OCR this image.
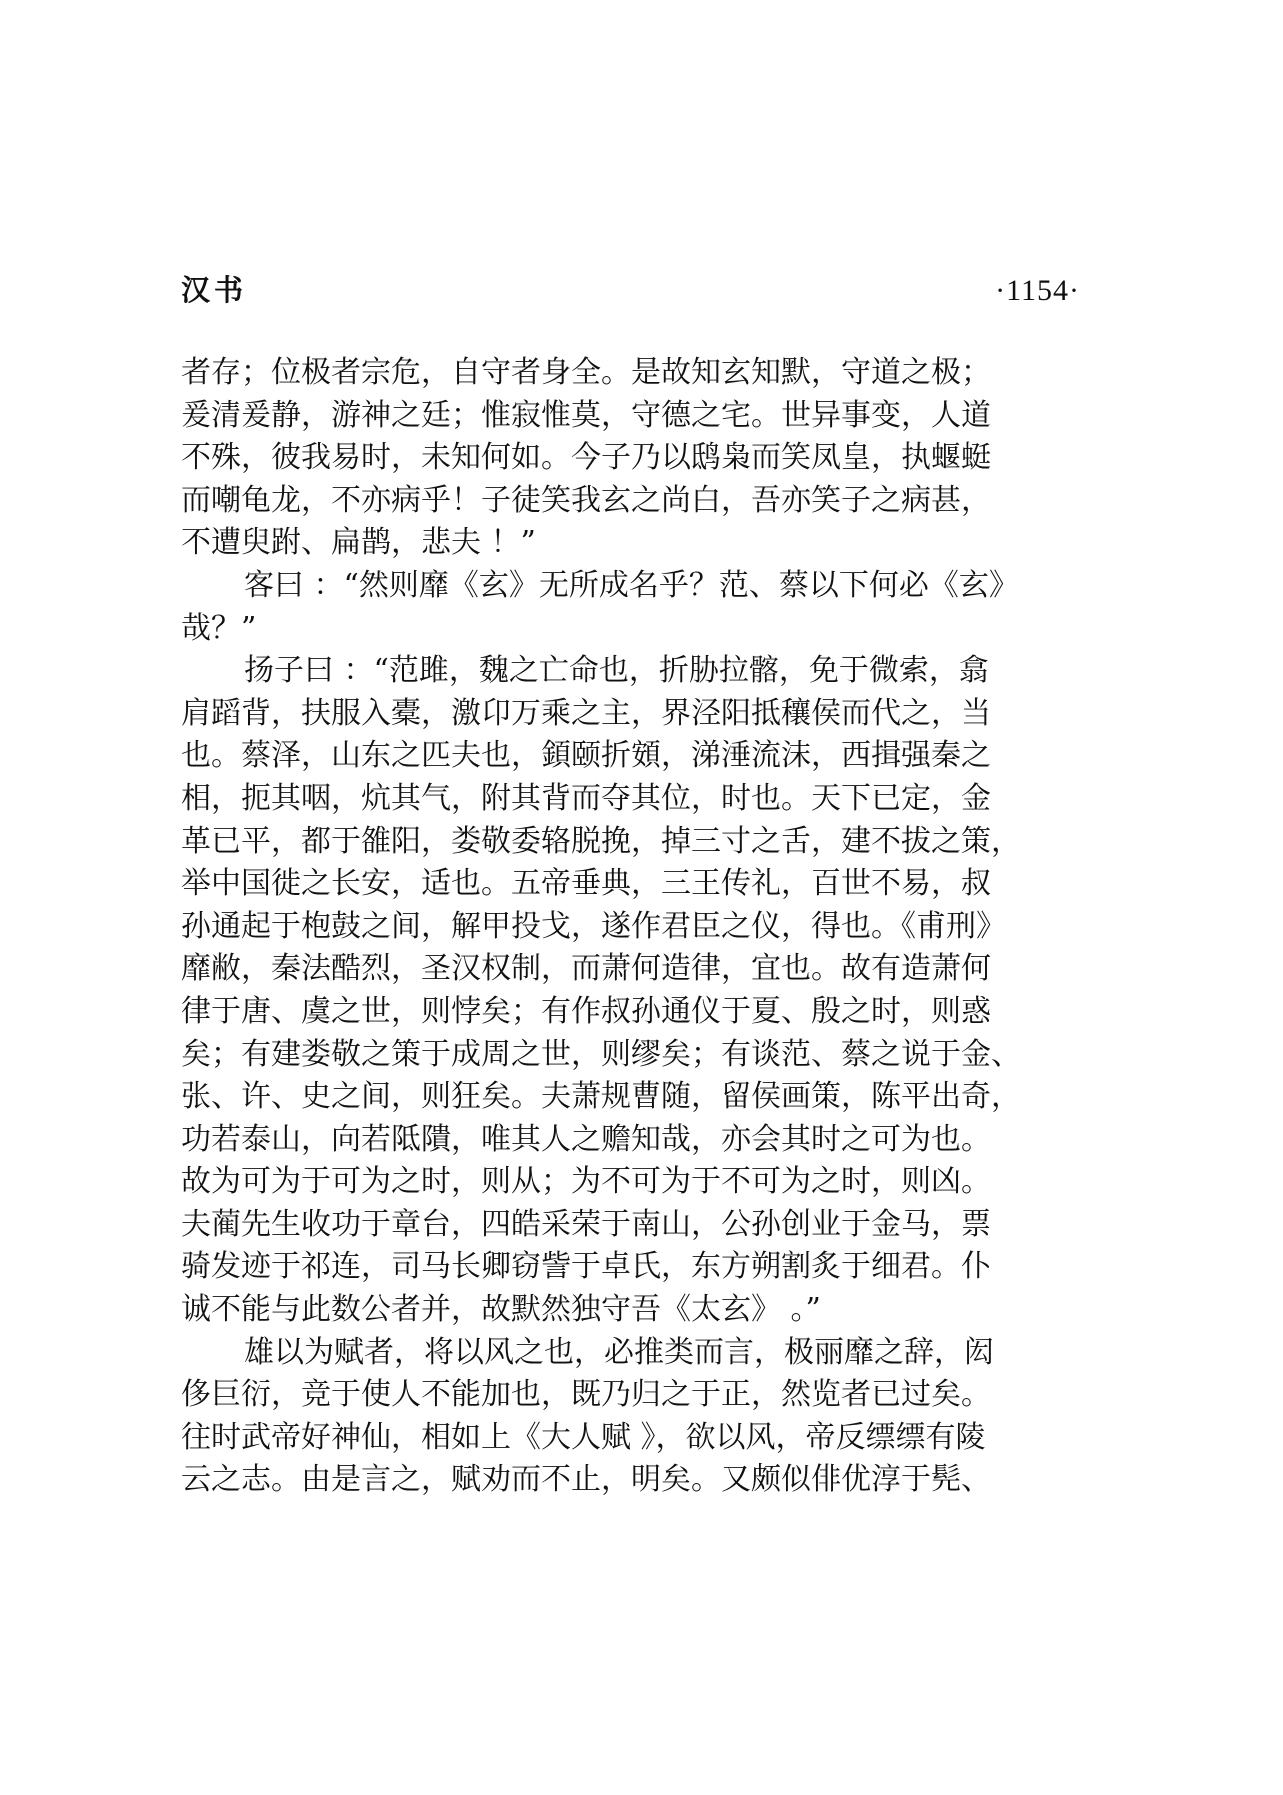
汉书	·1154·
者存；位极者宗危，自守者身全。是故知玄知默，守道之极；
爰清爰静，游神之廷；惟寂惟莫，守德之宅。世异事变，人道
不殊，彼我易时，未知何如。今子乃以鸱枭而笑凤皇，执蝘蜓
而嘲龟龙，不亦病乎！子徒笑我玄之尚白，吾亦笑子之病甚，
不遭臾跗、扁鹊，悲夫 ！”
客曰 ：“然则靡《玄》无所成名乎？范、蔡以下何必《玄》
哉？”
扬子曰 ：“范雎，魏之亡命也，折胁拉髂，免于微索，翕
肩蹈背，扶服入橐，激卬万乘之主，界泾阳抵穰侯而代之，当
也。蔡泽，山东之匹夫也，顉颐折頞，涕涶流沫，西揖强秦之
相，扼其咽，炕其气，附其背而夺其位，时也。天下已定，金
革已平，都于雒阳，娄敬委辂脱挽，掉三寸之舌，建不拔之策，
举中国徙之长安，适也。五帝垂典，三王传礼，百世不易，叔
孙通起于枹鼓之间，解甲投戈，遂作君臣之仪，得也。《甫刑》
靡敝，秦法酷烈，圣汉权制，而萧何造律，宜也。故有造萧何
律于唐、虞之世，则悖矣；有作叔孙通仪于夏、殷之时，则惑
矣；有建娄敬之策于成周之世，则缪矣；有谈范、蔡之说于金、
张、许、史之间，则狂矣。夫萧规曹随，留侯画策，陈平出奇，
功若泰山，向若阺隤，唯其人之赡知哉，亦会其时之可为也。
故为可为于可为之时，则从；为不可为于不可为之时，则凶。
夫蔺先生收功于章台，四皓采荣于南山，公孙创业于金马，票
骑发迹于祁连，司马长卿窃訾于卓氏，东方朔割炙于细君。仆
诚不能与此数公者并，故默然独守吾《太玄》 。”
雄以为赋者，将以风之也，必推类而言，极丽靡之辞，闳
侈巨衍，竞于使人不能加也，既乃归之于正，然览者已过矣。
往时武帝好神仙，相如上《大人赋 》，欲以风，帝反缥缥有陵
云之志。由是言之，赋劝而不止，明矣。又颇似俳优淳于髡、
